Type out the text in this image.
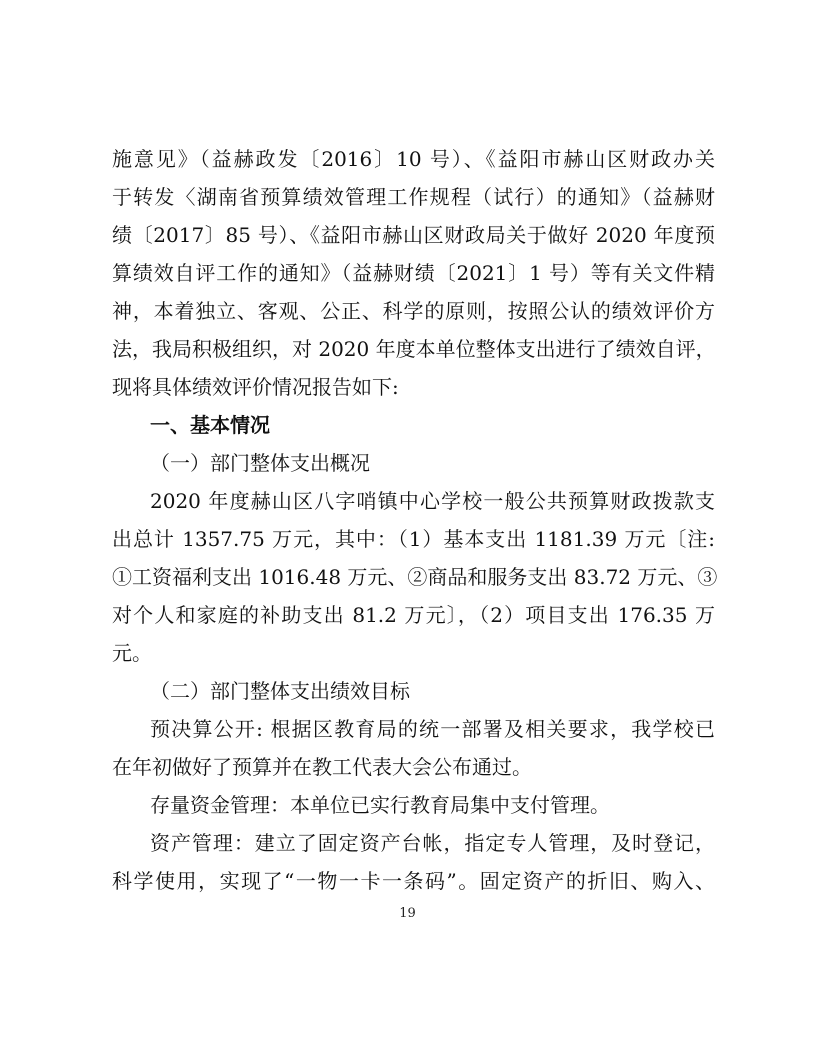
施意见》（益赫政发〔2016〕10 号）、《益阳市赫山区财政办关
于转发〈湖南省预算绩效管理工作规程（试行）的通知》（益赫财
绩〔2017〕85 号）、《益阳市赫山区财政局关于做好 2020 年度预
算绩效自评工作的通知》（益赫财绩〔2021〕1 号）等有关文件精
神，本着独立、客观、公正、科学的原则，按照公认的绩效评价方
法，我局积极组织，对 2020 年度本单位整体支出进行了绩效自评，
现将具体绩效评价情况报告如下:
一、基本情况
（一）部门整体支出概况
2020 年度赫山区八字哨镇中心学校一般公共预算财政拨款支
出总计 1357.75 万元，其中：（1）基本支出 1181.39 万元〔注:
①工资福利支出 1016.48 万元、②商品和服务支出 83.72 万元、③
对个人和家庭的补助支出 81.2 万元〕，（2）项目支出 176.35 万
元。
（二）部门整体支出绩效目标
预决算公开: 根据区教育局的统一部署及相关要求，我学校已
在年初做好了预算并在教工代表大会公布通过。
存量资金管理：本单位已实行教育局集中支付管理。
资产管理：建立了固定资产台帐，指定专人管理，及时登记，
科学使用，实现了“一物一卡一条码”。固定资产的折旧、购入、
19
